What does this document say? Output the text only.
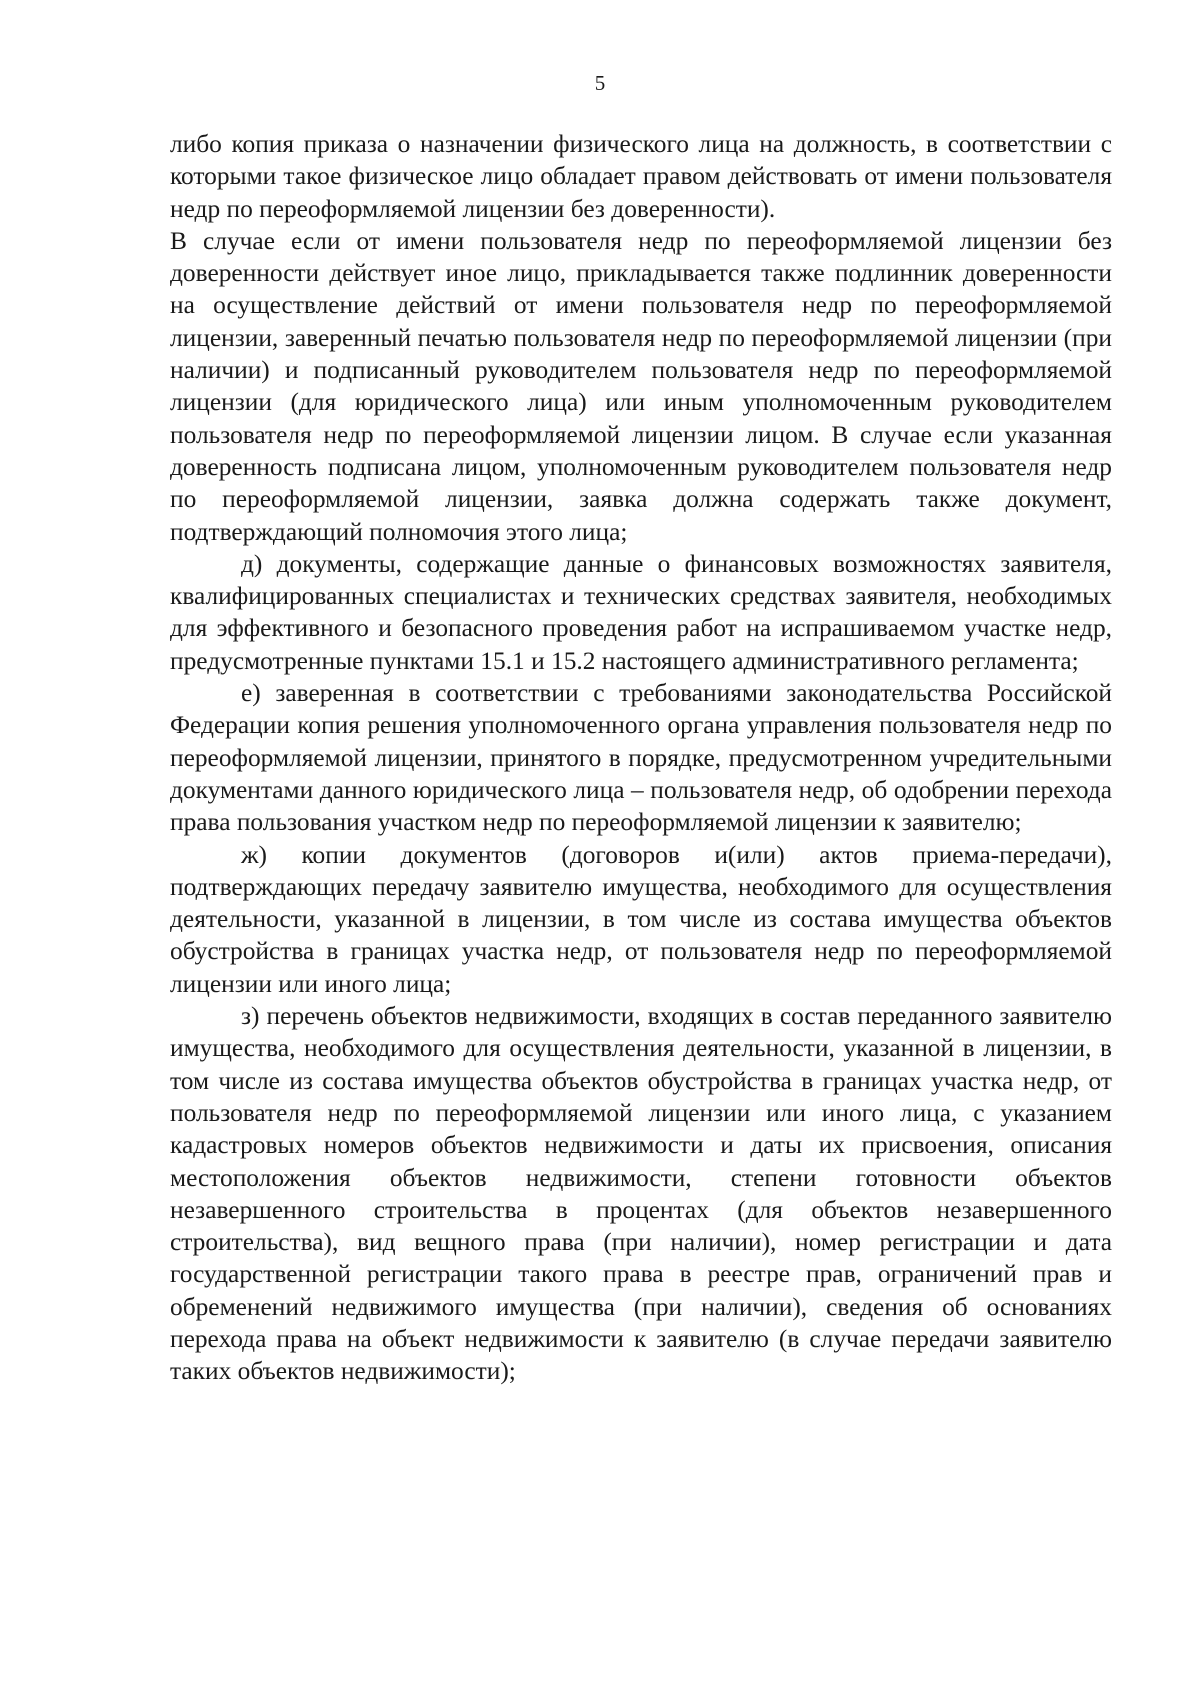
5

либо копия приказа о назначении физического лица на должность, в соответствии с которыми такое физическое лицо обладает правом действовать от имени пользователя недр по переоформляемой лицензии без доверенности).

В случае если от имени пользователя недр по переоформляемой лицензии без доверенности действует иное лицо, прикладывается также подлинник доверенности на осуществление действий от имени пользователя недр по переоформляемой лицензии, заверенный печатью пользователя недр по переоформляемой лицензии (при наличии) и подписанный руководителем пользователя недр по переоформляемой лицензии (для юридического лица) или иным уполномоченным руководителем пользователя недр по переоформляемой лицензии лицом. В случае если указанная доверенность подписана лицом, уполномоченным руководителем пользователя недр по переоформляемой лицензии, заявка должна содержать также документ, подтверждающий полномочия этого лица;

д) документы, содержащие данные о финансовых возможностях заявителя, квалифицированных специалистах и технических средствах заявителя, необходимых для эффективного и безопасного проведения работ на испрашиваемом участке недр, предусмотренные пунктами 15.1 и 15.2 настоящего административного регламента;

е) заверенная в соответствии с требованиями законодательства Российской Федерации копия решения уполномоченного органа управления пользователя недр по переоформляемой лицензии, принятого в порядке, предусмотренном учредительными документами данного юридического лица – пользователя недр, об одобрении перехода права пользования участком недр по переоформляемой лицензии к заявителю;

ж) копии документов (договоров и(или) актов приема-передачи), подтверждающих передачу заявителю имущества, необходимого для осуществления деятельности, указанной в лицензии, в том числе из состава имущества объектов обустройства в границах участка недр, от пользователя недр по переоформляемой лицензии или иного лица;

з) перечень объектов недвижимости, входящих в состав переданного заявителю имущества, необходимого для осуществления деятельности, указанной в лицензии, в том числе из состава имущества объектов обустройства в границах участка недр, от пользователя недр по переоформляемой лицензии или иного лица, с указанием кадастровых номеров объектов недвижимости и даты их присвоения, описания местоположения объектов недвижимости, степени готовности объектов незавершенного строительства в процентах (для объектов незавершенного строительства), вид вещного права (при наличии), номер регистрации и дата государственной регистрации такого права в реестре прав, ограничений прав и обременений недвижимого имущества (при наличии), сведения об основаниях перехода права на объект недвижимости к заявителю (в случае передачи заявителю таких объектов недвижимости);
